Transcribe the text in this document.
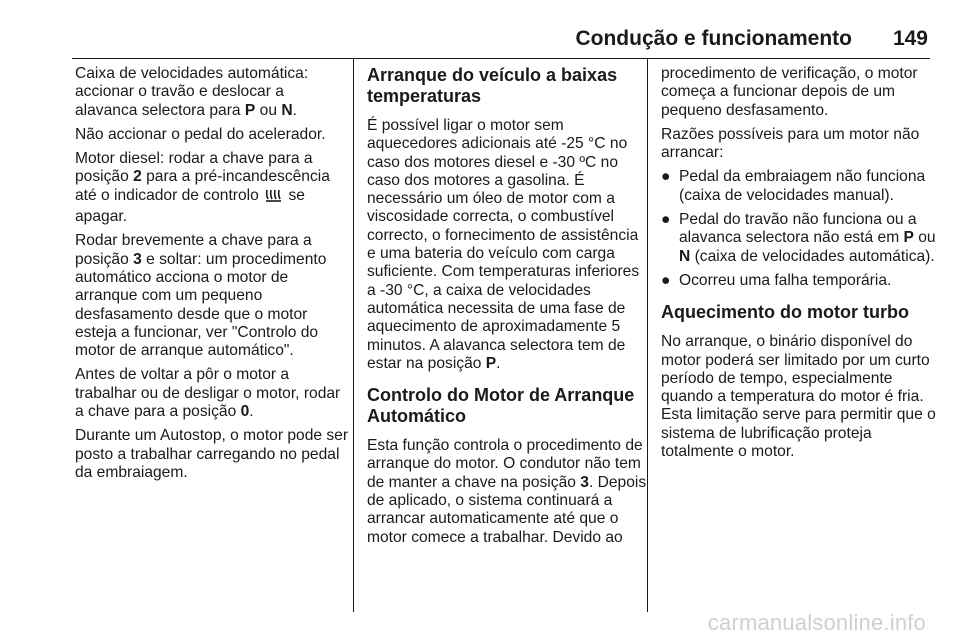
Condução e funcionamento 149

Caixa de velocidades automática: accionar o travão e deslocar a alavanca selectora para P ou N.

Não accionar o pedal do acelerador.

Motor diesel: rodar a chave para a posição 2 para a pré-incandescência até o indicador de controlo  se apagar.

Rodar brevemente a chave para a posição 3 e soltar: um procedimento automático acciona o motor de arranque com um pequeno desfasamento desde que o motor esteja a funcionar, ver "Controlo do motor de arranque automático".

Antes de voltar a pôr o motor a trabalhar ou de desligar o motor, rodar a chave para a posição 0.

Durante um Autostop, o motor pode ser posto a trabalhar carregando no pedal da embraiagem.

Arranque do veículo a baixas temperaturas

É possível ligar o motor sem aquecedores adicionais até -25 °C no caso dos motores diesel e -30 ºC no caso dos motores a gasolina. É necessário um óleo de motor com a viscosidade correcta, o combustível correcto, o fornecimento de assistência e uma bateria do veículo com carga suficiente. Com temperaturas inferiores a -30 °C, a caixa de velocidades automática necessita de uma fase de aquecimento de aproximadamente 5 minutos. A alavanca selectora tem de estar na posição P.

Controlo do Motor de Arranque Automático

Esta função controla o procedimento de arranque do motor. O condutor não tem de manter a chave na posição 3. Depois de aplicado, o sistema continuará a arrancar automaticamente até que o motor comece a trabalhar. Devido ao

procedimento de verificação, o motor começa a funcionar depois de um pequeno desfasamento.

Razões possíveis para um motor não arrancar:

● Pedal da embraiagem não funciona (caixa de velocidades manual).
● Pedal do travão não funciona ou a alavanca selectora não está em P ou N (caixa de velocidades automática).
● Ocorreu uma falha temporária.
Aquecimento do motor turbo

No arranque, o binário disponível do motor poderá ser limitado por um curto período de tempo, especialmente quando a temperatura do motor é fria. Esta limitação serve para permitir que o sistema de lubrificação proteja totalmente o motor.

carmanualsonline.info
